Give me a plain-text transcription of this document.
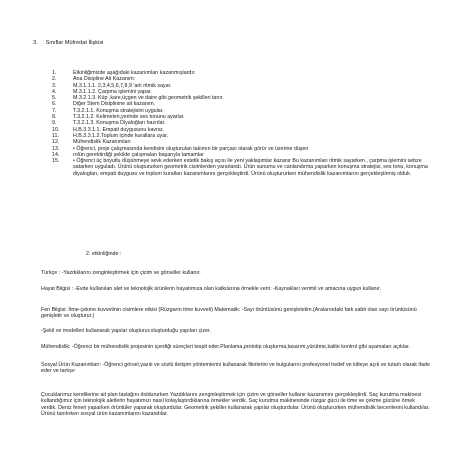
3. Sınıflar Müfredat İlişkisi
1.	Etkinliğimizde aşağıdaki kazanımları kazanmışlardır.
2.	Ana Disipline Ait Kazanım:
3.	M.3.1.1.1. 2,3,4,5,6,7,8,9 'arlı ritmik sayar.
4.	M.3.1.1.2. Çarpma işlemini yapar.
5.	M.3.2.1.3. Küp ,kare,üçgen ve daire gibi geometrik şekilleri tanır.
6.	Diğer Stem Disiplinine ait kazanım.
7.	T.3.2.1.1. Konuşma stratejisini uygular.
8.	T.3.2.1.2. Kelimeleri,yerinde ses tonunu ayarlar.
9.	T.3.2.1.3. Konuşma Diyaloğları hazırlar.
10.	H.B.3.3.1.1. Empati duygusunu kavrar.
11.	H.B.3.3.1.2.Toplum içinde kurallara uyar.
12.	Mühendislik Kazanımları
13.	• Öğrenci, proje çalışmasında kendisini oluşturulan takımın bir parçası olarak görür ve üzerine düşen
14.	rolün gerektirdiği şekilde çalışmaları başarıyla tamamlar
15.	• Öğrenci üç boyutlu düşünmeye sevk ederken estetik bakış açısı ile yeni yaklaşımlar kazanır Bu kazanımları ritmik sayarken , çarpma işlemini sebze satarken uyguladı. Ürünü oluştururken geometrik cisimlerden yararlandı. Ürün sunumu ve canlandırma yaparken konuşma stratejisi, ses tonu, konuşma diyalogları, empati duygusu ve toplum kuralları kazanımlarını gerçekleştirdi. Ürünü oluştururken mühendislik kazanımlarını gerçekleştirmiş olduk.
2. etkinliğinde :

Türkçe : -Yazdıklarını zenginleştirmek için çizim ve görseller kullanır.

Hayat Bilgisi : -Evde kullanılan alet ve teknolojik ürünlerin hayatımıza olan katkılarına örnekle verir. -Kaynakları verimli ve amacına uygun kullanır.

Fen Bilgisi: İtme-çekme kuvvetinin cisimlere etkisi (Rüzgarın itme kuvveti) Matematik: -Sayı örüntüsünü genişletelim.(Aralarındaki fark sabit olan sayı örüntüsünü genişletir ve oluşturur.)

-Şekil ve modelleri kullanarak yapılar oluşturur,oluşturduğu yapıları çizer.

Mühendislik: -Öğrenci bir mühendislik projesinin içerdiği süreçleri tespit eder.Planlama,prototip oluşturma,tasarım,yürütme,kalite kontrol gibi aşamaları açıklar.

Sosyal Ürün Kazanımları: -Öğrenci görsel,yazılı ve sözlü iletişim yöntemlerini kullanarak fikirlerini ve bulgularını profesyonel hedef ve kitleye açık ve tutarlı olarak ifade eder ve tartışır

Çocuklarımız kendilerine ait plan taslağını doldururken Yazdıklarını zenginleştirmek için çizim ve görseller kullanır kazanımını gerçekleştirdi. Saç kurutma makinesi kullandığımız için teknolojik aletlerin hayatımızı nasıl kolaylaştırdıklarına örnekler verdik. Saç kurutma makinesinde rüzgar gücü ile itme ve çekme gücüne örnek verdik. Deniz feneri yaparken örüntüler yaparak oluşturdular. Geometrik şekiller kullanarak yapılar oluşturdular. Ürünü oluştururken mühendislik becerilerini kullandılar. Ürünü tanıtırken sosyal ürün kazanımlarını kazandılar.
